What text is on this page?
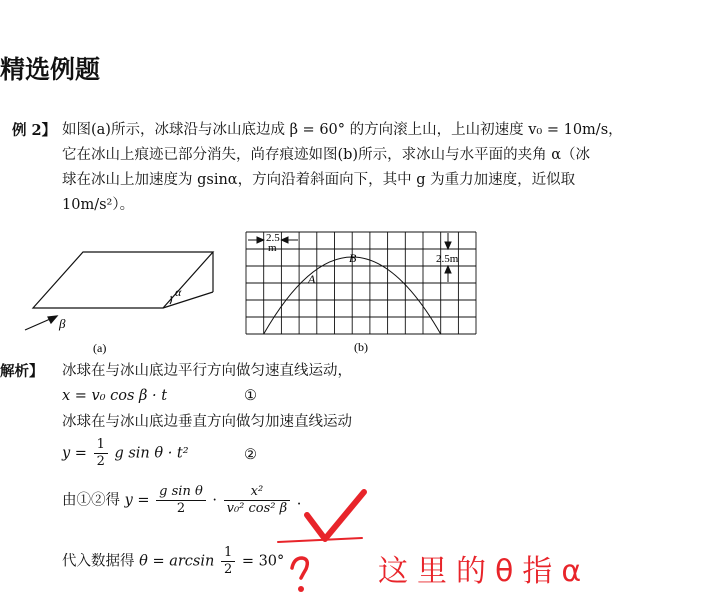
精选例题
例 2】 如图(a)所示，冰球沿与冰山底边成 β = 60° 的方向滚上山，上山初速度 v₀ = 10m/s，
它在冰山上痕迹已部分消失，尚存痕迹如图(b)所示，求冰山与水平面的夹角 α（冰
球在冰山上加速度为 gsinα，方向沿着斜面向下，其中 g 为重力加速度，近似取
10m/s²）。
α
β
(a)
2.5
m
2.5m
B
A
(b)
解析】 冰球在与冰山底边平行方向做匀速直线运动，
x = v₀ cos β · t	①
冰球在与冰山底边垂直方向做匀加速直线运动
$y = \frac{1}{2}$ g sin θ · t²	②
由①②得 $y = \frac{\text{g sin θ}}{2} \cdot \frac{\text{x²}}{\text{v₀² cos² β}}$ .
代入数据得 $\theta = \arcsin \frac{1}{2} = 30^\circ$	这里的θ指α
